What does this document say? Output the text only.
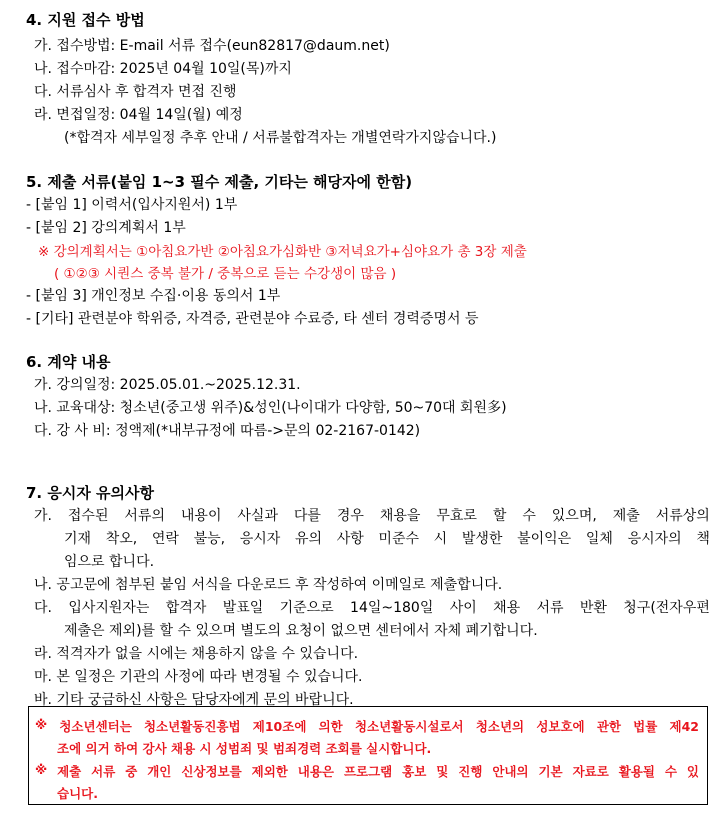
4. 지원 접수 방법
가. 접수방법: E-mail 서류 접수(eun82817@daum.net)
나. 접수마감: 2025년 04월 10일(목)까지
다. 서류심사 후 합격자 면접 진행
라. 면접일정: 04월 14일(월) 예정
(*합격자 세부일정 추후 안내 / 서류불합격자는 개별연락가지않습니다.)
5. 제출 서류(붙임 1~3 필수 제출, 기타는 해당자에 한함)
- [붙임 1] 이력서(입사지원서) 1부
- [붙임 2] 강의계획서 1부
※ 강의계획서는 ①아침요가반 ②아침요가심화반 ③저녁요가+심야요가 총 3장 제출
( ①②③ 시퀀스 중복 불가 / 중복으로 듣는 수강생이 많음 )
- [붙임 3] 개인정보 수집·이용 동의서 1부
- [기타] 관련분야 학위증, 자격증, 관련분야 수료증, 타 센터 경력증명서 등
6. 계약 내용
가. 강의일정: 2025.05.01.~2025.12.31.
나. 교육대상: 청소년(중고생 위주)&성인(나이대가 다양함, 50~70대 회원多)
다. 강 사 비: 정액제(*내부규정에 따름->문의 02-2167-0142)
7. 응시자 유의사항
가. 접수된 서류의 내용이 사실과 다를 경우 채용을 무효로 할 수 있으며, 제출 서류상의
기재 착오, 연락 불능, 응시자 유의 사항 미준수 시 발생한 불이익은 일체 응시자의 책
임으로 합니다.
나. 공고문에 첨부된 붙임 서식을 다운로드 후 작성하여 이메일로 제출합니다.
다. 입사지원자는 합격자 발표일 기준으로 14일~180일 사이 채용 서류 반환 청구(전자우편
제출은 제외)를 할 수 있으며 별도의 요청이 없으면 센터에서 자체 폐기합니다.
라. 적격자가 없을 시에는 채용하지 않을 수 있습니다.
마. 본 일정은 기관의 사정에 따라 변경될 수 있습니다.
바. 기타 궁금하신 사항은 담당자에게 문의 바랍니다.
※ 청소년센터는 청소년활동진흥법 제10조에 의한 청소년활동시설로서 청소년의 성보호에 관한 법률 제42
조에 의거 하여 강사 채용 시 성범죄 및 범죄경력 조회를 실시합니다.
※ 제출 서류 중 개인 신상정보를 제외한 내용은 프로그램 홍보 및 진행 안내의 기본 자료로 활용될 수 있
습니다.
